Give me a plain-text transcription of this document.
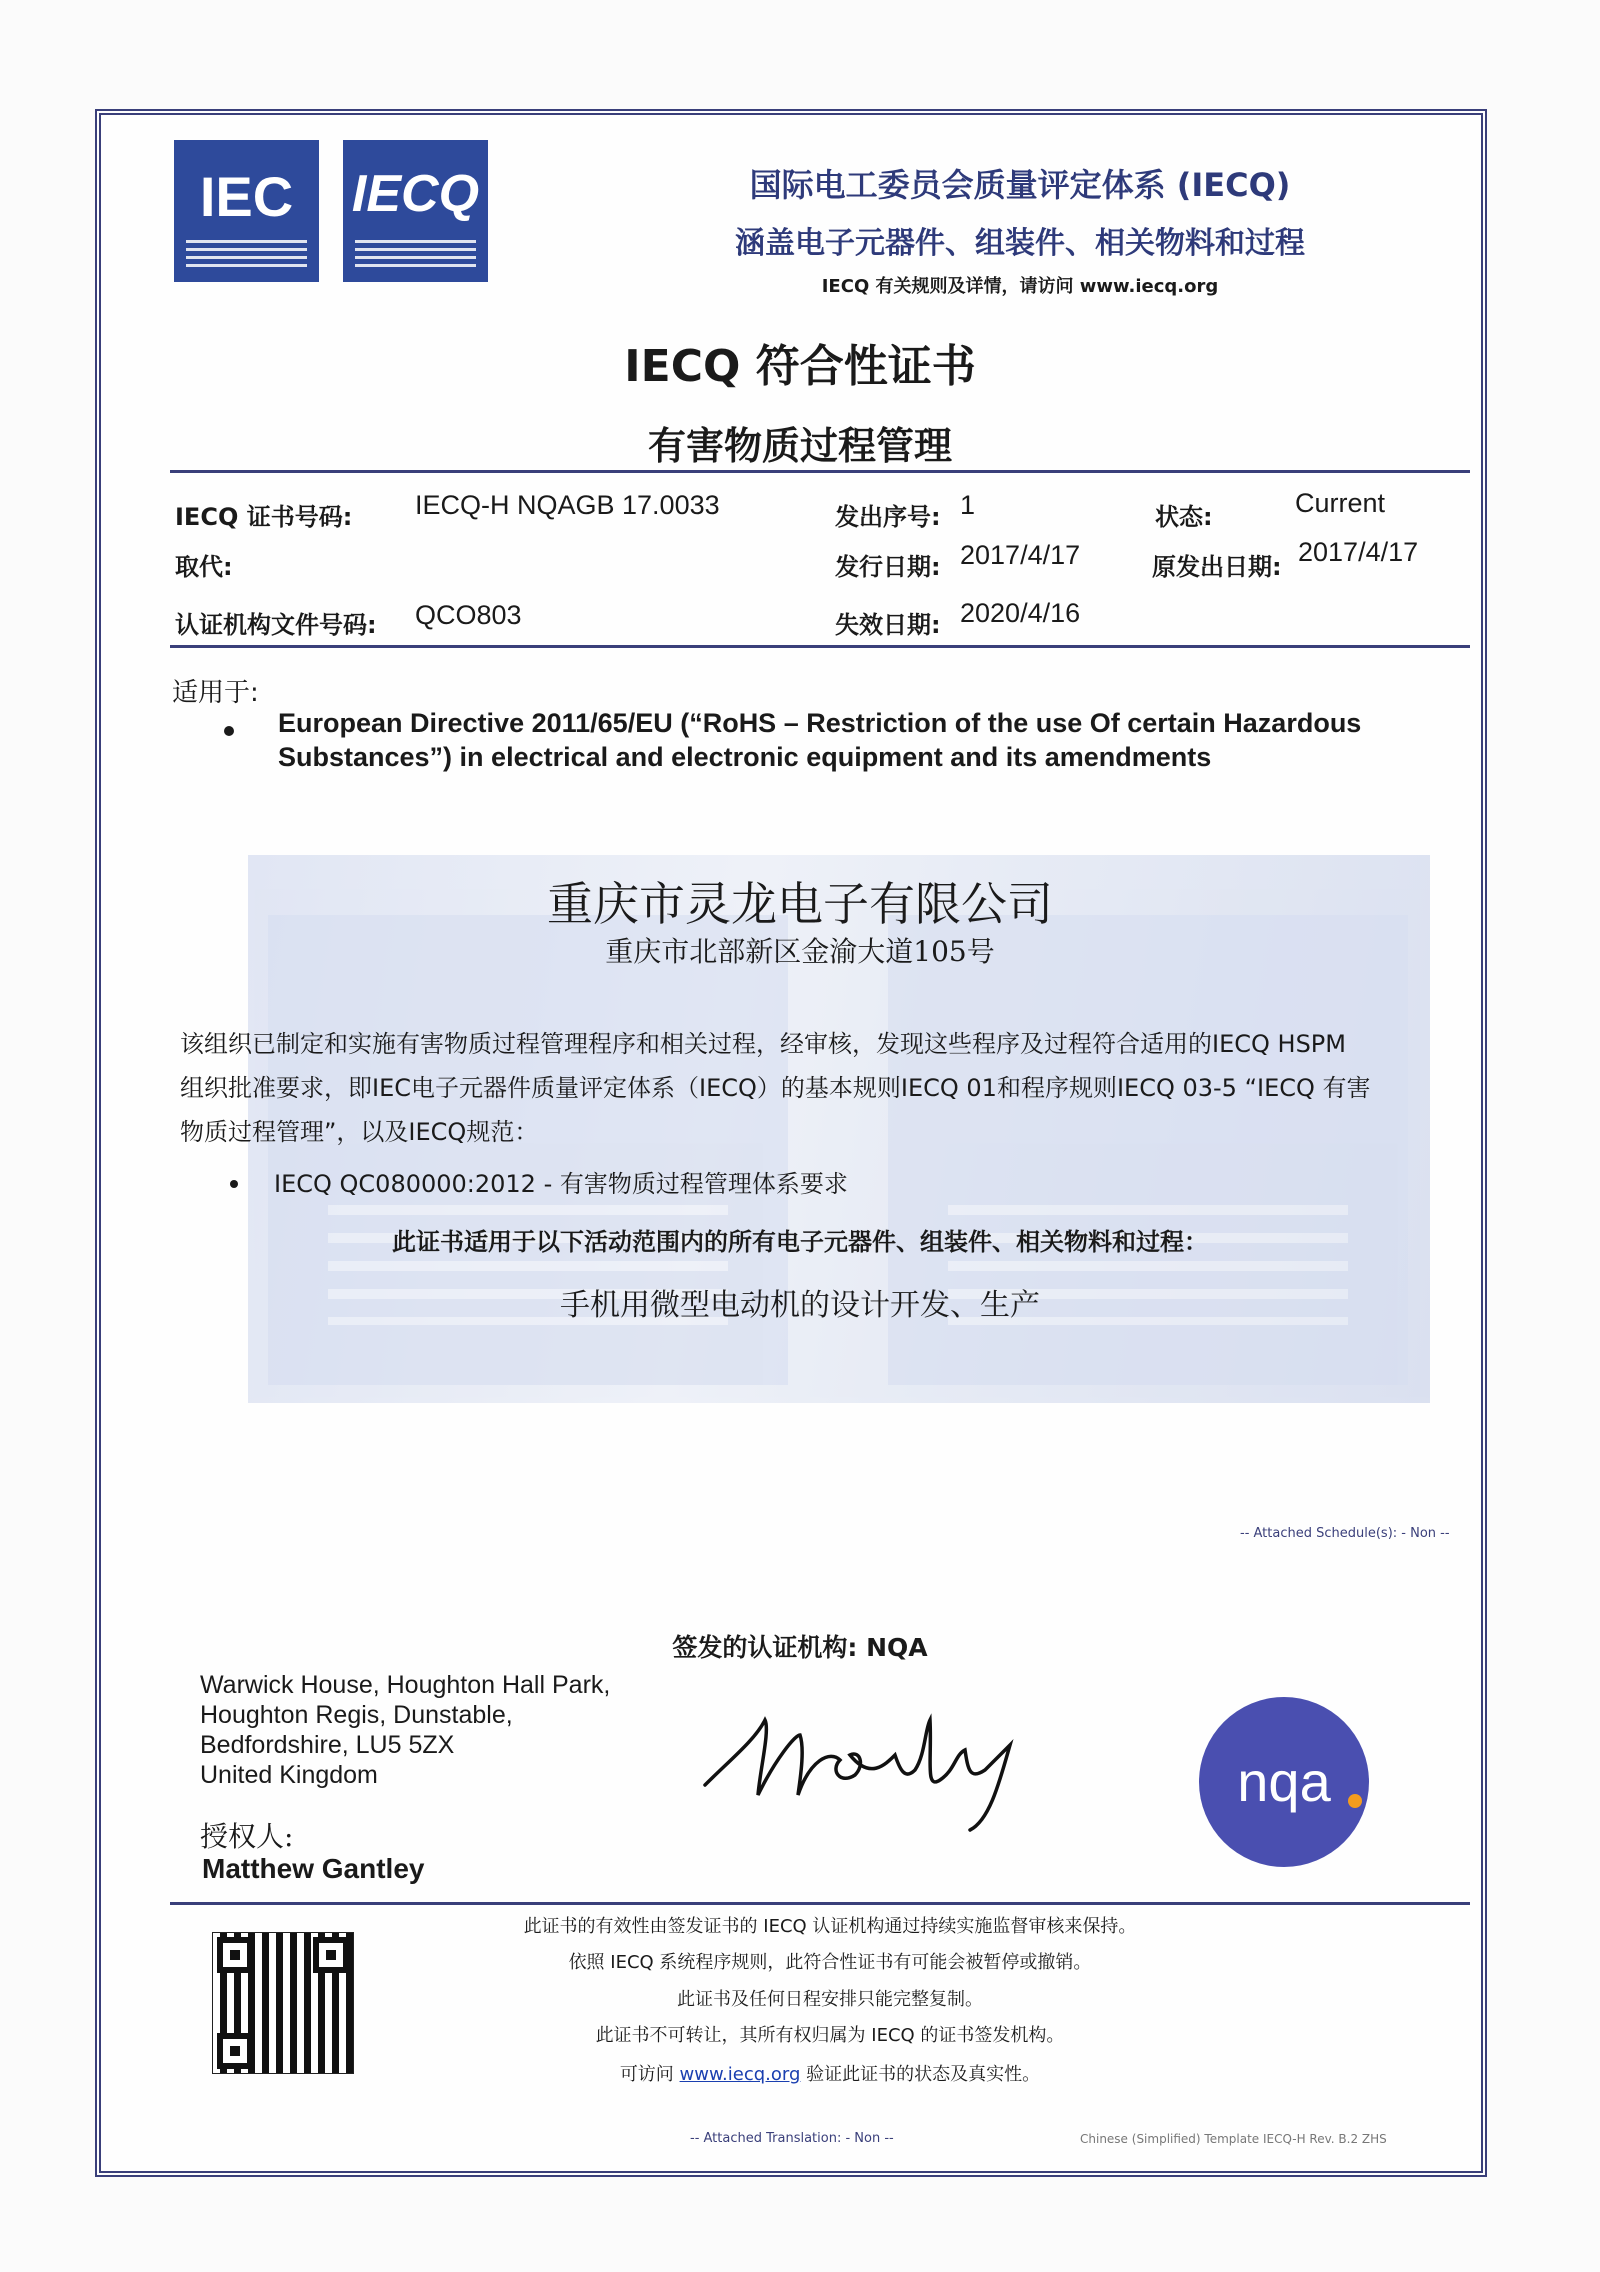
IEC	IECQ	国际电工委员会质量评定体系 (IECQ)
涵盖电子元器件、组装件、相关物料和过程
IECQ 有关规则及详情，请访问 www.iecq.org
IECQ 符合性证书
有害物质过程管理
IECQ 证书号码: IECQ-H NQAGB 17.0033	发出序号: 1	状态:	Current
取代:	发行日期: 2017/4/17	原发出日期: 2017/4/17
认证机构文件号码: QCO803	失效日期: 2020/4/16
适用于:
European Directive 2011/65/EU (“RoHS – Restriction of the use Of certain Hazardous
Substances”) in electrical and electronic equipment and its amendments
重庆市灵龙电子有限公司
重庆市北部新区金渝大道105号
该组织已制定和实施有害物质过程管理程序和相关过程，经审核，发现这些程序及过程符合适用的IECQ HSPM
组织批准要求，即IEC电子元器件质量评定体系（IECQ）的基本规则IECQ 01和程序规则IECQ 03-5 “IECQ 有害
物质过程管理”，以及IECQ规范：
IECQ QC080000:2012 - 有害物质过程管理体系要求
此证书适用于以下活动范围内的所有电子元器件、组装件、相关物料和过程：
手机用微型电动机的设计开发、生产
-- Attached Schedule(s): - Non --
签发的认证机构: NQA
Warwick House, Houghton Hall Park,
Houghton Regis, Dunstable,
Bedfordshire, LU5 5ZX
United Kingdom
授权人:
Matthew Gantley
nqa
此证书的有效性由签发证书的 IECQ 认证机构通过持续实施监督审核来保持。
依照 IECQ 系统程序规则，此符合性证书有可能会被暂停或撤销。
此证书及任何日程安排只能完整复制。
此证书不可转让，其所有权归属为 IECQ 的证书签发机构。
可访问 www.iecq.org 验证此证书的状态及真实性。
-- Attached Translation: - Non --	Chinese (Simplified) Template IECQ-H Rev. B.2 ZHS
